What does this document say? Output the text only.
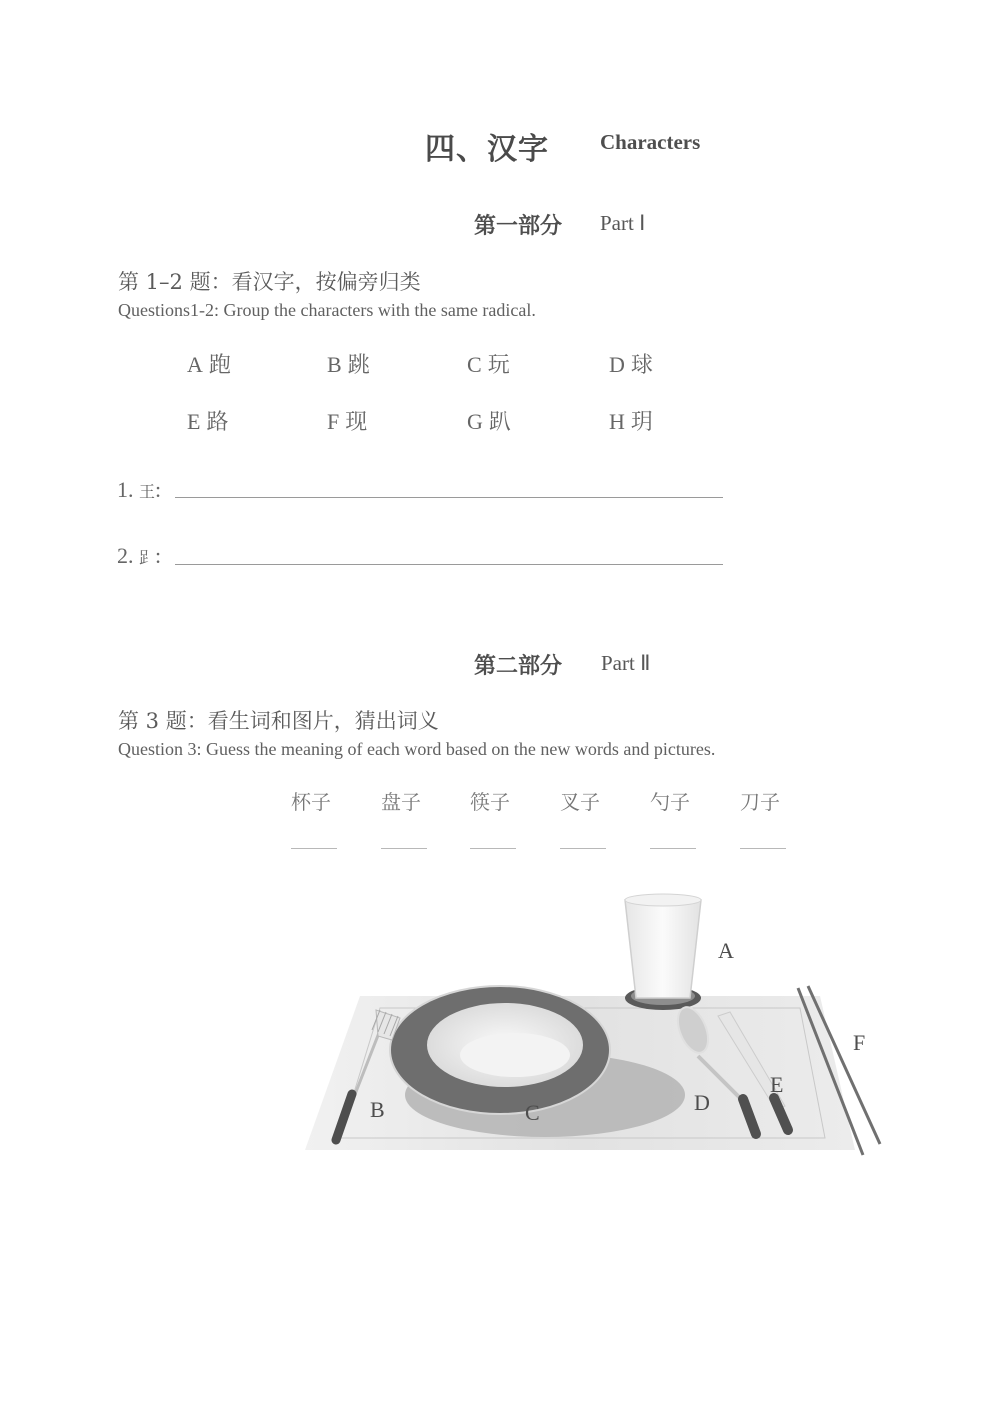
四、汉字 Characters
第一部分 Part Ⅰ
第 1–2 题：看汉字，按偏旁归类
Questions1-2: Group the characters with the same radical.
A 跑	B 跳	C 玩	D 球
E 路	F 现	G 趴	H 玥
1. 王:
2. 𧾷:
第二部分 Part Ⅱ
第 3 题：看生词和图片，猜出词义
Question 3: Guess the meaning of each word based on the new words and pictures.
杯子	盘子 筷子	叉子	勺子	刀子
A
B	C	D
E
F
